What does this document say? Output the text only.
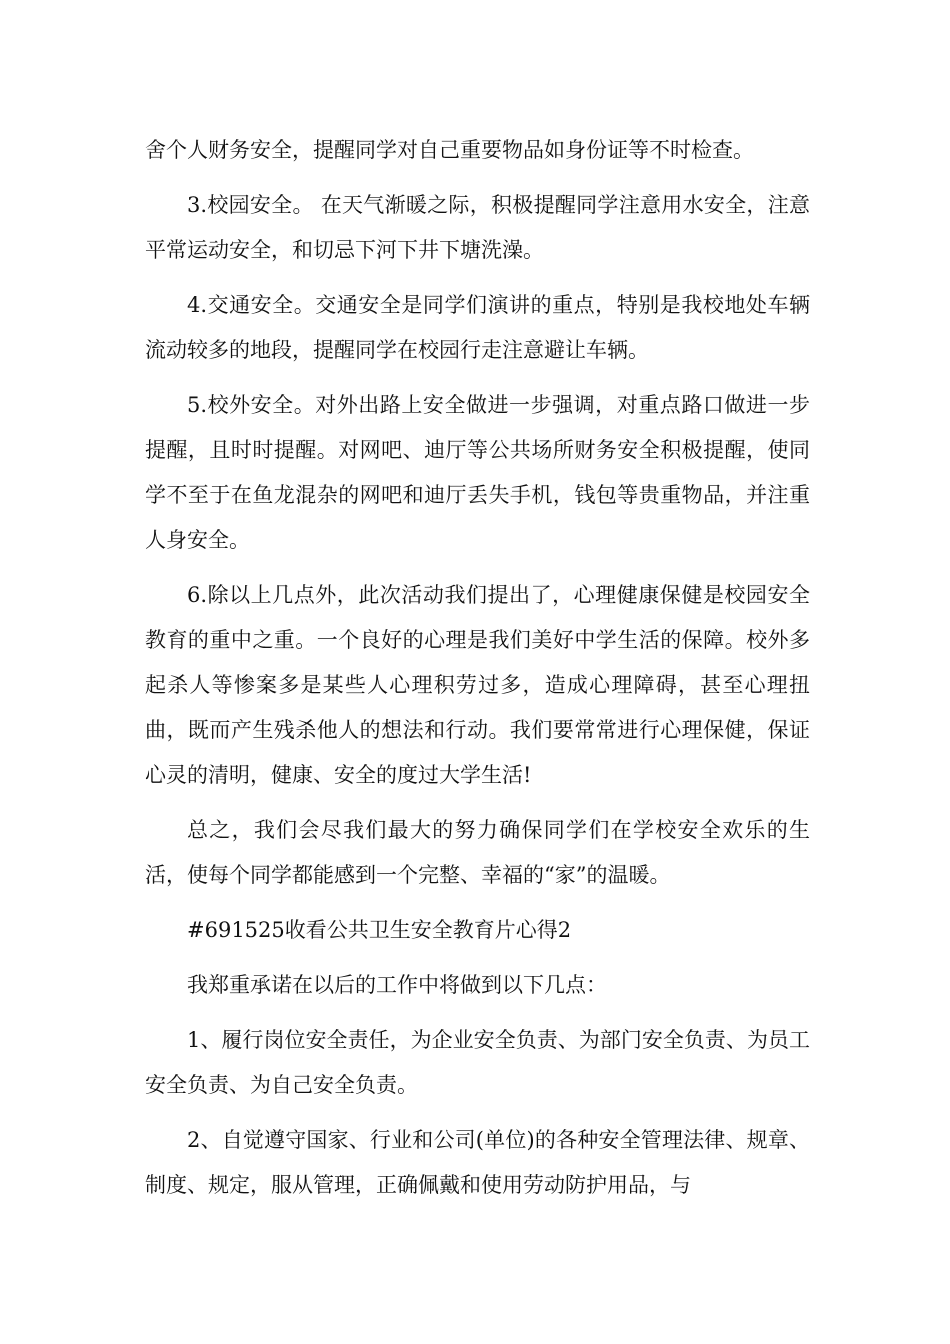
舍个人财务安全，提醒同学对自己重要物品如身份证等不时检查。

3.校园安全。 在天气渐暖之际，积极提醒同学注意用水安全，注意平常运动安全，和切忌下河下井下塘洗澡。

4.交通安全。交通安全是同学们演讲的重点，特别是我校地处车辆流动较多的地段，提醒同学在校园行走注意避让车辆。

5.校外安全。对外出路上安全做进一步强调，对重点路口做进一步提醒，且时时提醒。对网吧、迪厅等公共场所财务安全积极提醒，使同学不至于在鱼龙混杂的网吧和迪厅丢失手机，钱包等贵重物品，并注重人身安全。

6.除以上几点外，此次活动我们提出了，心理健康保健是校园安全教育的重中之重。一个良好的心理是我们美好中学生活的保障。校外多起杀人等惨案多是某些人心理积劳过多，造成心理障碍，甚至心理扭曲，既而产生残杀他人的想法和行动。我们要常常进行心理保健，保证心灵的清明，健康、安全的度过大学生活!

总之，我们会尽我们最大的努力确保同学们在学校安全欢乐的生活，使每个同学都能感到一个完整、幸福的“家”的温暖。

#691525收看公共卫生安全教育片心得2

我郑重承诺在以后的工作中将做到以下几点：

1、履行岗位安全责任，为企业安全负责、为部门安全负责、为员工安全负责、为自己安全负责。

2、自觉遵守国家、行业和公司(单位)的各种安全管理法律、规章、制度、规定，服从管理，正确佩戴和使用劳动防护用品，与
